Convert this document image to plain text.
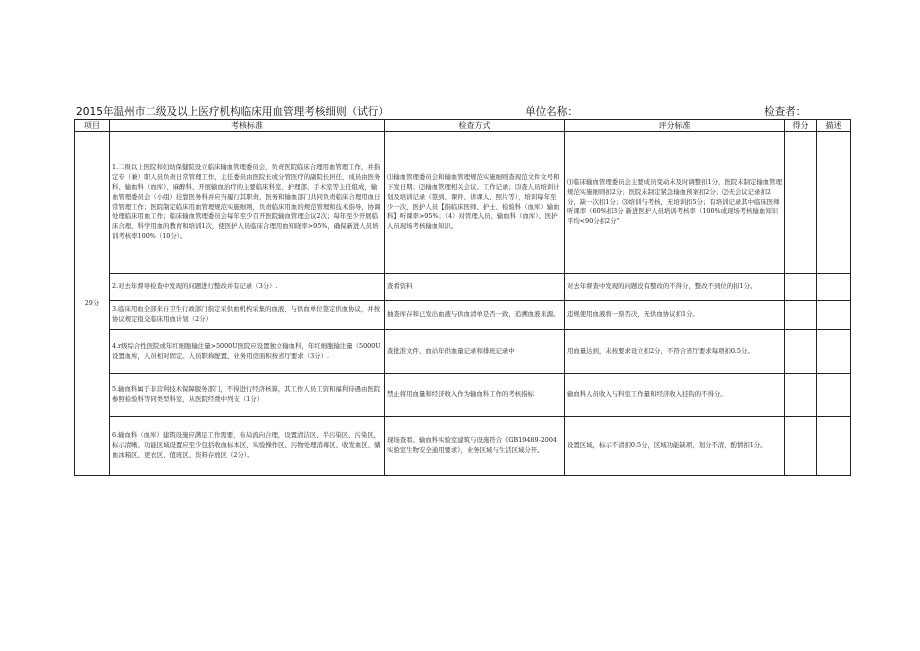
2015年温州市二级及以上医疗机构临床用血管理考核细则（试行）	单位名称：	检查者：
项目	考核标准	检查方式	评分标准	得分	描述
29分	1.二级以上医院和妇幼保健院设立临床输血管理委员会，负责医院临床合理用血管理工作，并指定专（兼）职人员负责日常管理工作，主任委员由医院长或分管医疗的副院长担任，成员由医务科、输血科（血库）、麻醉科、开展输血治疗的主要临床科室、护理部、手术室等主任组成，输血管理委员会（小组）挂靠医务科并应当履行其职责，医务和输血部门共同负责临床合理用血日常管理工作；医院制定临床用血管理规范实施细则，负责临床用血的规范管理和技术指导，协调处理临床用血工作；临床输血管理委员会每年至少召开医院输血管理会议2次；每年至少开展临床合理、科学用血的教育和培训1次，使医护人员临床合理用血知晓率>95%，确保新进人员培训考核率100%（10分）。	⑴输血管理委员会和输血管理规范实施细则查现范文件文号和下发日期；⑵输血管理相关会议、工作记录；⑶查人员培训计划及培训记录（签到、课件、讲课人、照片等），培训每年至少一次，医护人员【指临床医师、护士、检验科（血库）输血科】听课率>95%；（4）对管理人员、输血科（血库）、医护人员现场考核输血知识。	⑴临床输血管理委员会主要成员变动未及时调整扣1分，医院未制定输血管理规范实施细则扣2分；医院未制定紧急输血预案扣2分；⑵无会议记录扣2分，缺一次扣1分；⑶培训与考核，无培训扣5分；有培训记录其中临床医师听课率（60%扣3分 新进医护人员培训考核率（100%或现场考核输血知识平均<90分扣2分”		

	2.对去年督导检查中发现的问题进行整改并有记录（3分）.	查看资料	对去年督查中发现的问题没有整改的不得分，整改不到位的扣1分。		

	3.临床用血全部来自卫生行政部门指定采供血机构采集的血液，与供血单位签定供血协议，并按协议规定报交临床用血计划（2分）	抽查库存和已发出血液与供血清单是否一致，追溯血液来源。	违规使用血液将一票否决，无供血协议扣1分。		

	4.r级综合性医院或年红细胞输注量>5000U医院应设置独立输血科，年红细胞输注量（5000U设置血库，人员相对固定。人员职称配置、业务用房面积按省厅要求（3分）.	查批准文件、血站年供血量记录和排班记录中	用血量达到，未按要求设立扣2分，不符合省厅要求每项扣0.5分。		

	5.输血科属于非营利技术保障服务部门，不得进行经济核算，其工作人员工资和福利待遇由医院参照检验科等同类型科室，从医院经费中列支（1分）	禁止将用血量和经济收入作为输血科工作的考核指标	输血科人员收入与科室工作量和经济收入挂钩的不得分。		

	6.输血科（血库）建筑设施应满足工作需要，布局流向合理，设置清洁区、半污染区、污染区，标示清晰。功能区域设置应至少包括收血标本区、实验操作区、污物处理消毒区、收发血区、储血冰箱区、更衣区、值班区、资料存放区（2分）。	现场查看。输血科实验室建筑与设施符合《GB19489-2004实验室生物安全通用要求》，业务区域与生活区域分开。	设置区域，标示不清扣0.5分，区域功能缺项，划分不清，酌情扣1分。		
